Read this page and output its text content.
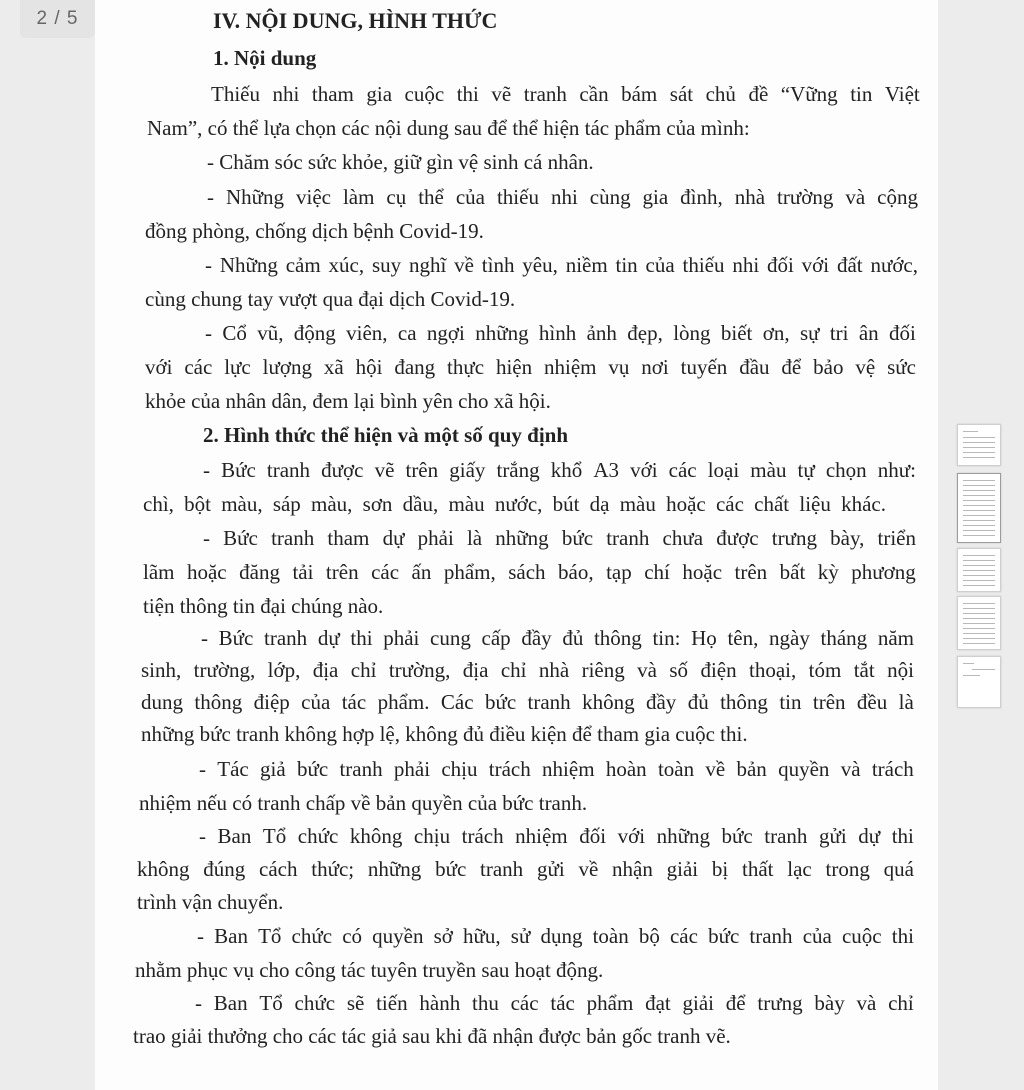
2 / 5	IV. NỘI DUNG, HÌNH THỨC
1. Nội dung
Thiếu nhi tham gia cuộc thi vẽ tranh cần bám sát chủ đề “Vững tin Việt
Nam”, có thể lựa chọn các nội dung sau để thể hiện tác phẩm của mình:
- Chăm sóc sức khỏe, giữ gìn vệ sinh cá nhân.
- Những việc làm cụ thể của thiếu nhi cùng gia đình, nhà trường và cộng
đồng phòng, chống dịch bệnh Covid-19.
- Những cảm xúc, suy nghĩ về tình yêu, niềm tin của thiếu nhi đối với đất nước,
cùng chung tay vượt qua đại dịch Covid-19.
- Cổ vũ, động viên, ca ngợi những hình ảnh đẹp, lòng biết ơn, sự tri ân đối
với các lực lượng xã hội đang thực hiện nhiệm vụ nơi tuyến đầu để bảo vệ sức
khỏe của nhân dân, đem lại bình yên cho xã hội.
2. Hình thức thể hiện và một số quy định
- Bức tranh được vẽ trên giấy trắng khổ A3 với các loại màu tự chọn như:
chì, bột màu, sáp màu, sơn dầu, màu nước, bút dạ màu hoặc các chất liệu khác.
- Bức tranh tham dự phải là những bức tranh chưa được trưng bày, triển
lãm hoặc đăng tải trên các ấn phẩm, sách báo, tạp chí hoặc trên bất kỳ phương
tiện thông tin đại chúng nào.
- Bức tranh dự thi phải cung cấp đầy đủ thông tin: Họ tên, ngày tháng năm
sinh, trường, lớp, địa chỉ trường, địa chỉ nhà riêng và số điện thoại, tóm tắt nội
dung thông điệp của tác phẩm. Các bức tranh không đầy đủ thông tin trên đều là
những bức tranh không hợp lệ, không đủ điều kiện để tham gia cuộc thi.
- Tác giả bức tranh phải chịu trách nhiệm hoàn toàn về bản quyền và trách
nhiệm nếu có tranh chấp về bản quyền của bức tranh.
- Ban Tổ chức không chịu trách nhiệm đối với những bức tranh gửi dự thi
không đúng cách thức; những bức tranh gửi về nhận giải bị thất lạc trong quá
trình vận chuyển.
- Ban Tổ chức có quyền sở hữu, sử dụng toàn bộ các bức tranh của cuộc thi
nhằm phục vụ cho công tác tuyên truyền sau hoạt động.
- Ban Tổ chức sẽ tiến hành thu các tác phẩm đạt giải để trưng bày và chỉ
trao giải thưởng cho các tác giả sau khi đã nhận được bản gốc tranh vẽ.
